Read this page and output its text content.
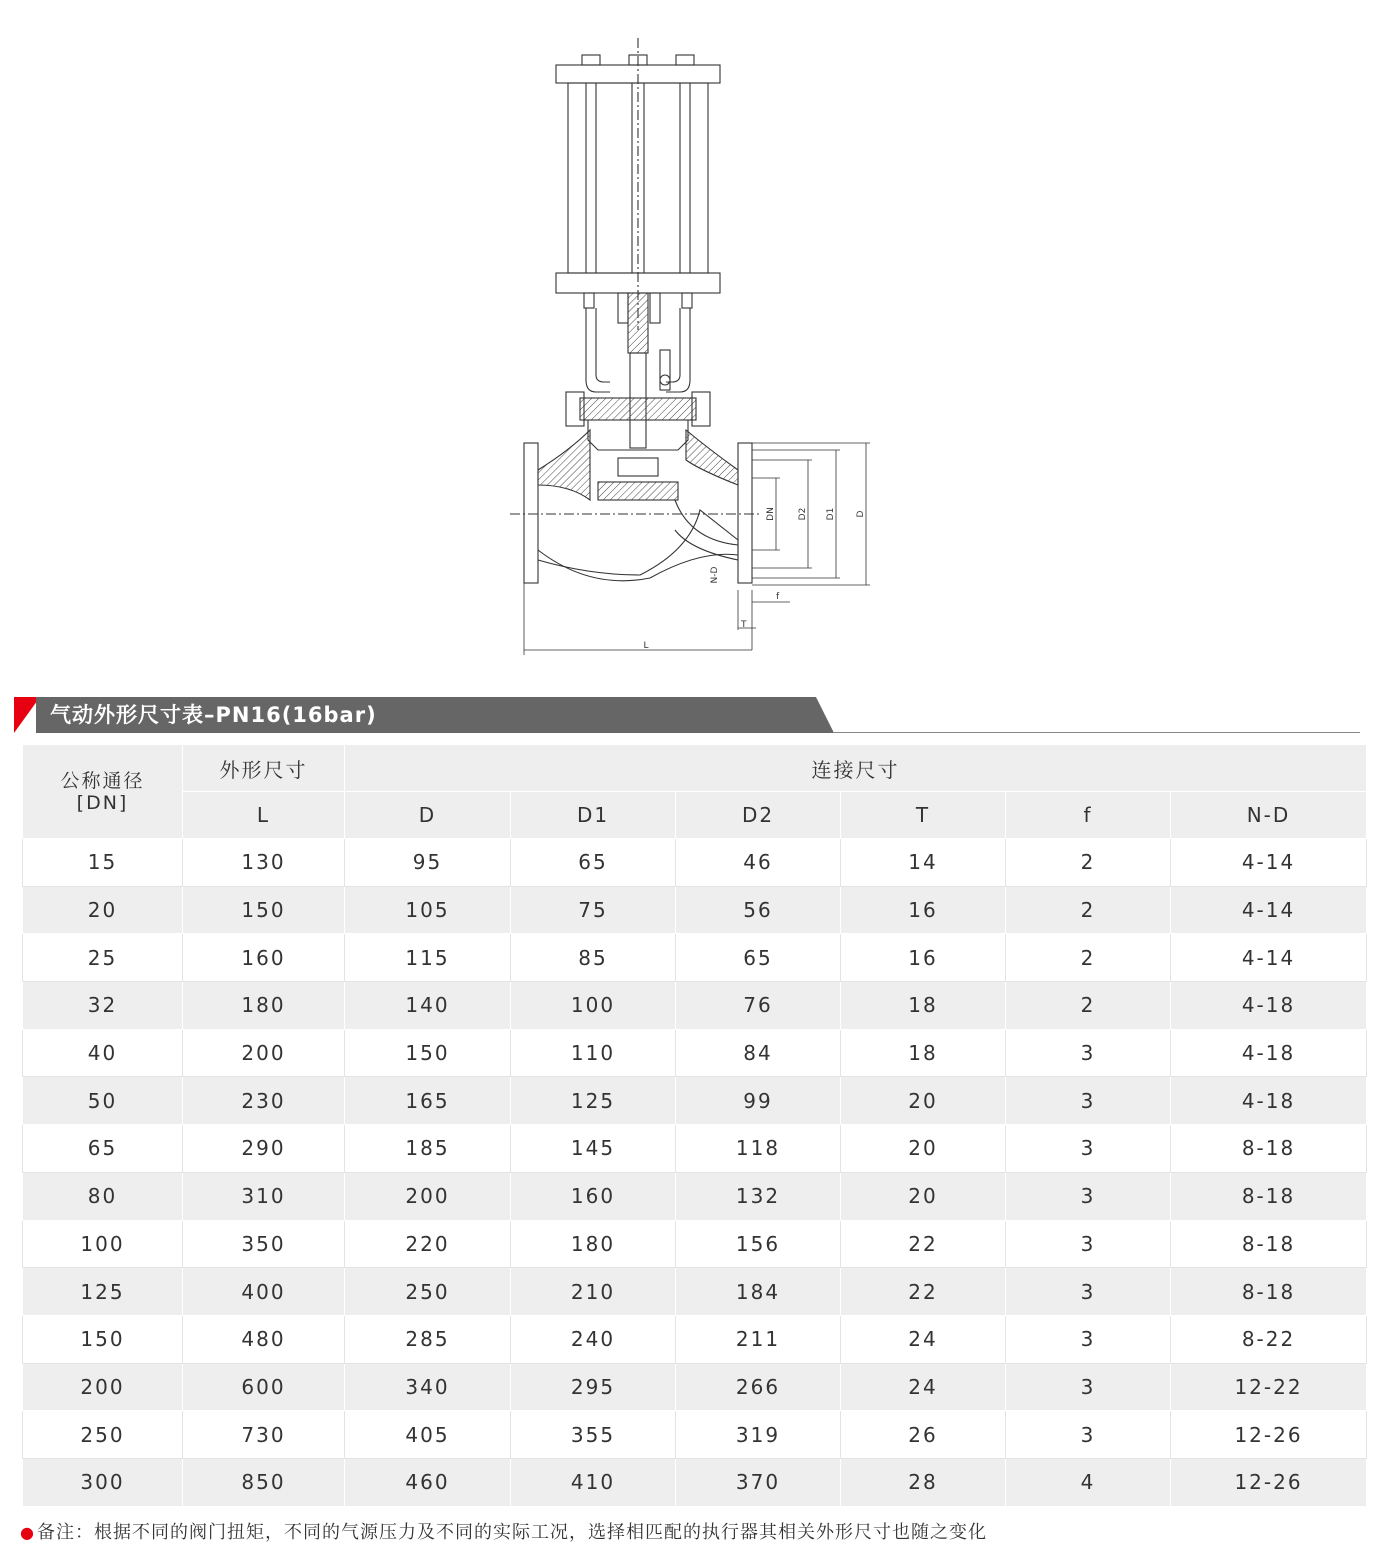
DN D2 D1 D
N-D
f
T
L
气动外形尺寸表–PN16(16bar)
公称通径
[DN]	外形尺寸	连接尺寸					
	L	D	D1	D2	T	f	N-D
15	130	95	65	46	14	2	4-14
20	150	105	75	56	16	2	4-14
25	160	115	85	65	16	2	4-14
32	180	140	100	76	18	2	4-18
40	200	150	110	84	18	3	4-18
50	230	165	125	99	20	3	4-18
65	290	185	145	118	20	3	8-18
80	310	200	160	132	20	3	8-18
100	350	220	180	156	22	3	8-18
125	400	250	210	184	22	3	8-18
150	480	285	240	211	24	3	8-22
200	600	340	295	266	24	3	12-22
250	730	405	355	319	26	3	12-26
300	850	460	410	370	28	4	12-26
● 备注：根据不同的阀门扭矩，不同的气源压力及不同的实际工况，选择相匹配的执行器其相关外形尺寸也随之变化
